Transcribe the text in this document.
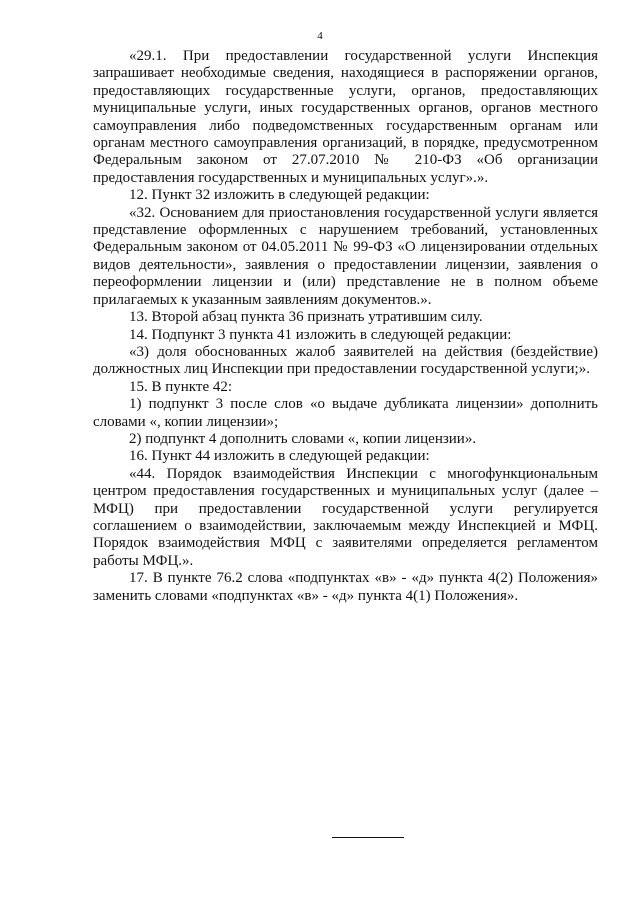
4

«29.1. При предоставлении государственной услуги Инспекция запрашивает необходимые сведения, находящиеся в распоряжении органов, предоставляющих государственные услуги, органов, предоставляющих муниципальные услуги, иных государственных органов, органов местного самоуправления либо подведомственных государственным органам или органам местного самоуправления организаций, в порядке, предусмотренном Федеральным законом от 27.07.2010 № 210-ФЗ «Об организации предоставления государственных и муниципальных услуг».».

12. Пункт 32 изложить в следующей редакции:

«32. Основанием для приостановления государственной услуги является представление оформленных с нарушением требований, установленных Федеральным законом от 04.05.2011 № 99-ФЗ «О лицензировании отдельных видов деятельности», заявления о предоставлении лицензии, заявления о переоформлении лицензии и (или) представление не в полном объеме прилагаемых к указанным заявлениям документов.».

13. Второй абзац пункта 36 признать утратившим силу.

14. Подпункт 3 пункта 41 изложить в следующей редакции:

«3) доля обоснованных жалоб заявителей на действия (бездействие) должностных лиц Инспекции при предоставлении государственной услуги;».

15. В пункте 42:

1) подпункт 3 после слов «о выдаче дубликата лицензии» дополнить словами «, копии лицензии»;

2) подпункт 4 дополнить словами «, копии лицензии».

16. Пункт 44 изложить в следующей редакции:

«44. Порядок взаимодействия Инспекции с многофункциональным центром предоставления государственных и муниципальных услуг (далее – МФЦ) при предоставлении государственной услуги регулируется соглашением о взаимодействии, заключаемым между Инспекцией и МФЦ. Порядок взаимодействия МФЦ с заявителями определяется регламентом работы МФЦ.».

17. В пункте 76.2 слова «подпунктах «в» - «д» пункта 4(2) Положения» заменить словами «подпунктах «в» - «д» пункта 4(1) Положения».
